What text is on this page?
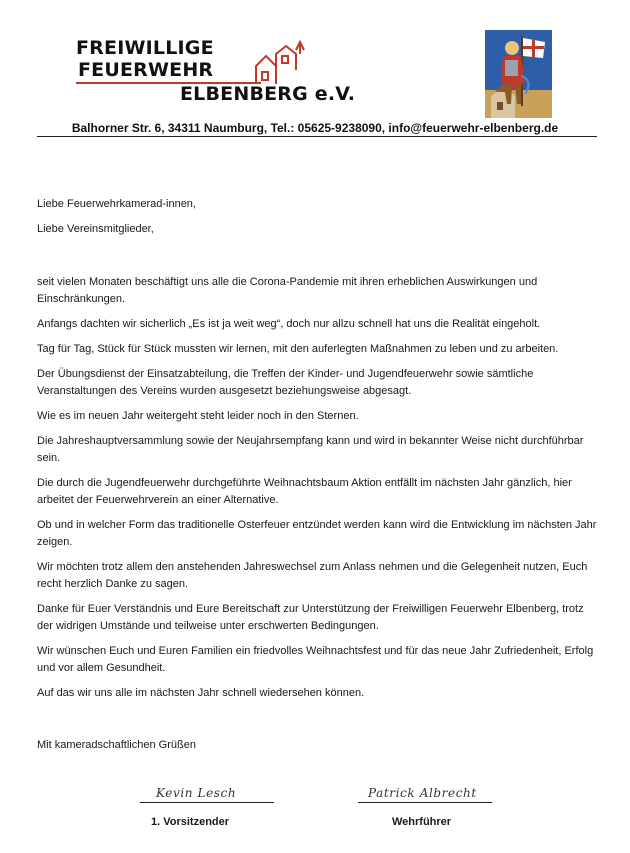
FREIWILLIGE
FEUERWEHR
ELBENBERG e.V.
Balhorner Str. 6, 34311 Naumburg, Tel.: 05625-9238090, info@feuerwehr-elbenberg.de

Liebe Feuerwehrkamerad-innen,

Liebe Vereinsmitglieder,

seit vielen Monaten beschäftigt uns alle die Corona-Pandemie mit ihren erheblichen Auswirkungen und Einschränkungen.

Anfangs dachten wir sicherlich „Es ist ja weit weg“, doch nur allzu schnell hat uns die Realität eingeholt.

Tag für Tag, Stück für Stück mussten wir lernen, mit den auferlegten Maßnahmen zu leben und zu arbeiten.

Der Übungsdienst der Einsatzabteilung, die Treffen der Kinder- und Jugendfeuerwehr sowie sämtliche Veranstaltungen des Vereins wurden ausgesetzt beziehungsweise abgesagt.

Wie es im neuen Jahr weitergeht steht leider noch in den Sternen.

Die Jahreshauptversammlung sowie der Neujahrsempfang kann und wird in bekannter Weise nicht durchführbar sein.

Die durch die Jugendfeuerwehr durchgeführte Weihnachtsbaum Aktion entfällt im nächsten Jahr gänzlich, hier arbeitet der Feuerwehrverein an einer Alternative.

Ob und in welcher Form das traditionelle Osterfeuer entzündet werden kann wird die Entwicklung im nächsten Jahr zeigen.

Wir möchten trotz allem den anstehenden Jahreswechsel zum Anlass nehmen und die Gelegenheit nutzen, Euch recht herzlich Danke zu sagen.

Danke für Euer Verständnis und Eure Bereitschaft zur Unterstützung der Freiwilligen Feuerwehr Elbenberg, trotz der widrigen Umstände und teilweise unter erschwerten Bedingungen.

Wir wünschen Euch und Euren Familien ein friedvolles Weihnachtsfest und für das neue Jahr Zufriedenheit, Erfolg und vor allem Gesundheit.

Auf das wir uns alle im nächsten Jahr schnell wiedersehen können.

Mit kameradschaftlichen Grüßen
Kevin Lesch	Patrick Albrecht
1. Vorsitzender	Wehrführer
